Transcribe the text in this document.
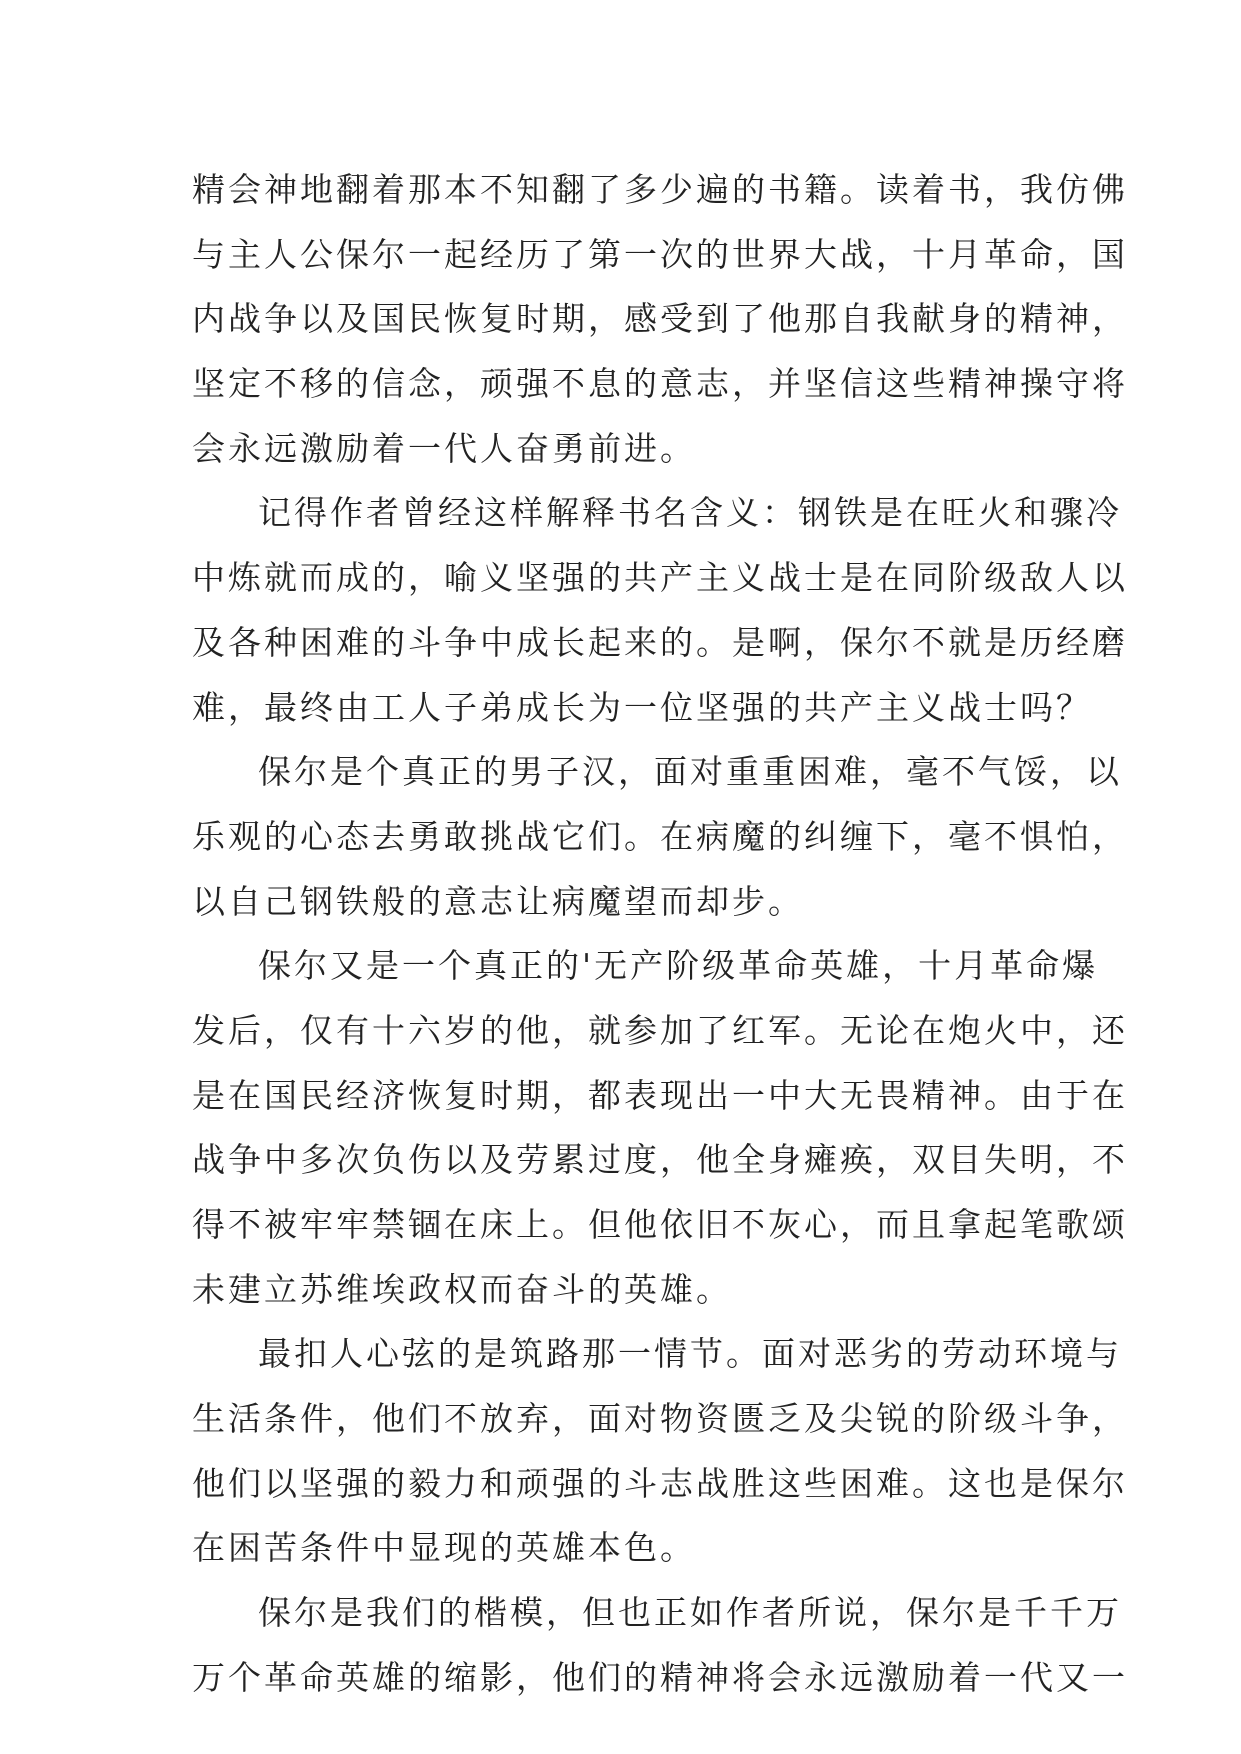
精会神地翻着那本不知翻了多少遍的书籍。读着书，我仿佛
与主人公保尔一起经历了第一次的世界大战，十月革命，国
内战争以及国民恢复时期，感受到了他那自我献身的精神，
坚定不移的信念，顽强不息的意志，并坚信这些精神操守将
会永远激励着一代人奋勇前进。
记得作者曾经这样解释书名含义：钢铁是在旺火和骤冷
中炼就而成的，喻义坚强的共产主义战士是在同阶级敌人以
及各种困难的斗争中成长起来的。是啊，保尔不就是历经磨
难，最终由工人子弟成长为一位坚强的共产主义战士吗？
保尔是个真正的男子汉，面对重重困难，毫不气馁，以
乐观的心态去勇敢挑战它们。在病魔的纠缠下，毫不惧怕，
以自己钢铁般的意志让病魔望而却步。
保尔又是一个真正的'无产阶级革命英雄，十月革命爆
发后，仅有十六岁的他，就参加了红军。无论在炮火中，还
是在国民经济恢复时期，都表现出一中大无畏精神。由于在
战争中多次负伤以及劳累过度，他全身瘫痪，双目失明，不
得不被牢牢禁锢在床上。但他依旧不灰心，而且拿起笔歌颂
未建立苏维埃政权而奋斗的英雄。
最扣人心弦的是筑路那一情节。面对恶劣的劳动环境与
生活条件，他们不放弃，面对物资匮乏及尖锐的阶级斗争，
他们以坚强的毅力和顽强的斗志战胜这些困难。这也是保尔
在困苦条件中显现的英雄本色。
保尔是我们的楷模，但也正如作者所说，保尔是千千万
万个革命英雄的缩影，他们的精神将会永远激励着一代又一
